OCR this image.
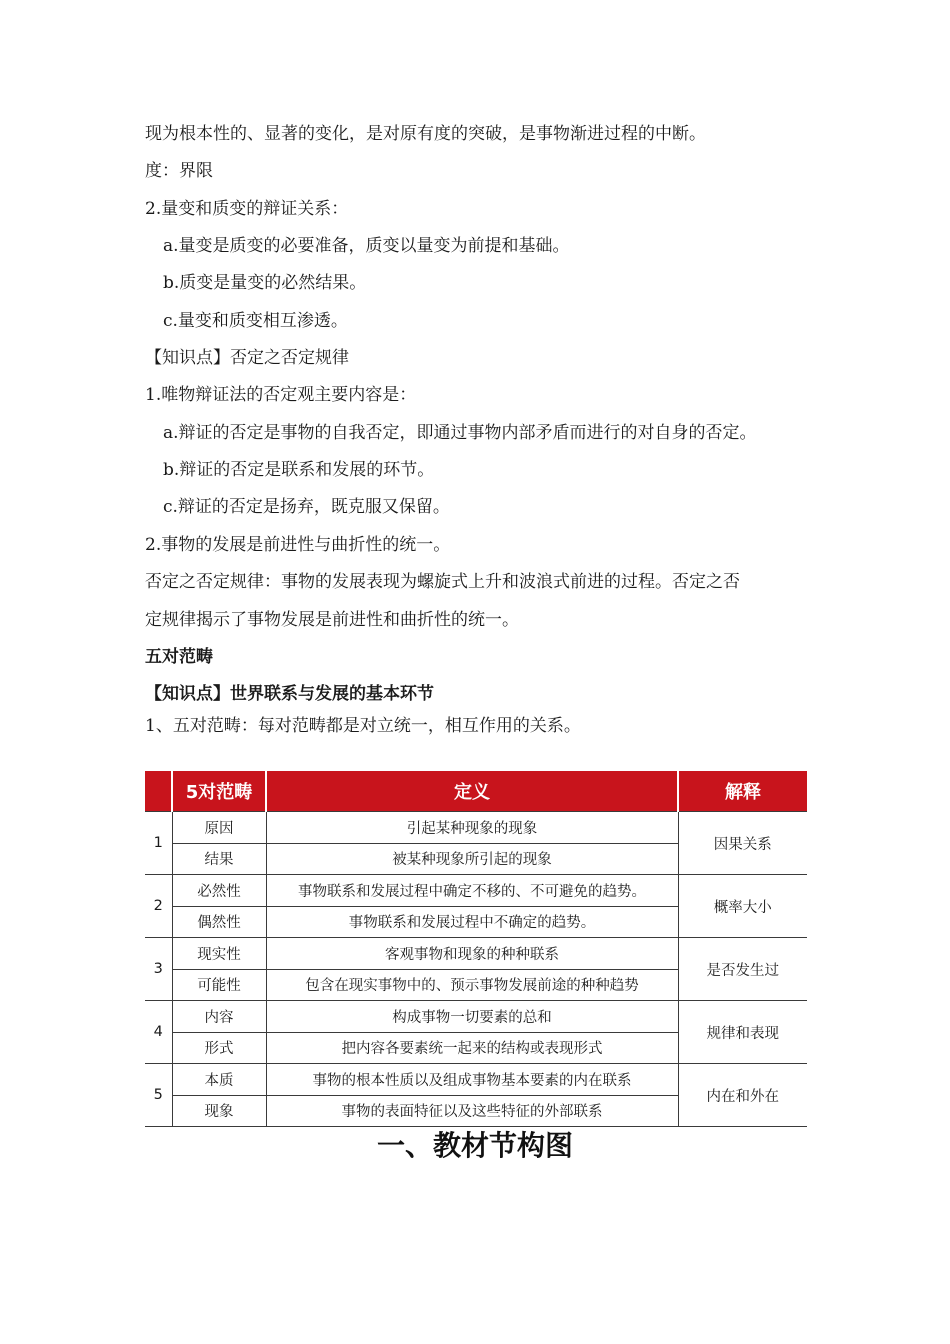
现为根本性的、显著的变化，是对原有度的突破，是事物渐进过程的中断。

度：界限

2.量变和质变的辩证关系：

a.量变是质变的必要准备，质变以量变为前提和基础。

b.质变是量变的必然结果。

c.量变和质变相互渗透。

【知识点】否定之否定规律

1.唯物辩证法的否定观主要内容是：

a.辩证的否定是事物的自我否定，即通过事物内部矛盾而进行的对自身的否定。

b.辩证的否定是联系和发展的环节。

c.辩证的否定是扬弃，既克服又保留。

2.事物的发展是前进性与曲折性的统一。

否定之否定规律：事物的发展表现为螺旋式上升和波浪式前进的过程。否定之否

定规律揭示了事物发展是前进性和曲折性的统一。

五对范畴

【知识点】世界联系与发展的基本环节

1、五对范畴：每对范畴都是对立统一，相互作用的关系。

	5对范畴	定义	解释
1	原因	引起某种现象的现象	因果关系
	结果	被某种现象所引起的现象	
2	必然性	事物联系和发展过程中确定不移的、不可避免的趋势。	概率大小
	偶然性	事物联系和发展过程中不确定的趋势。	
3	现实性	客观事物和现象的种种联系	是否发生过
	可能性	包含在现实事物中的、预示事物发展前途的种种趋势	
4	内容	构成事物一切要素的总和	规律和表现
	形式	把内容各要素统一起来的结构或表现形式	
5	本质	事物的根本性质以及组成事物基本要素的内在联系	内在和外在
	现象	事物的表面特征以及这些特征的外部联系	
一、教材节构图
